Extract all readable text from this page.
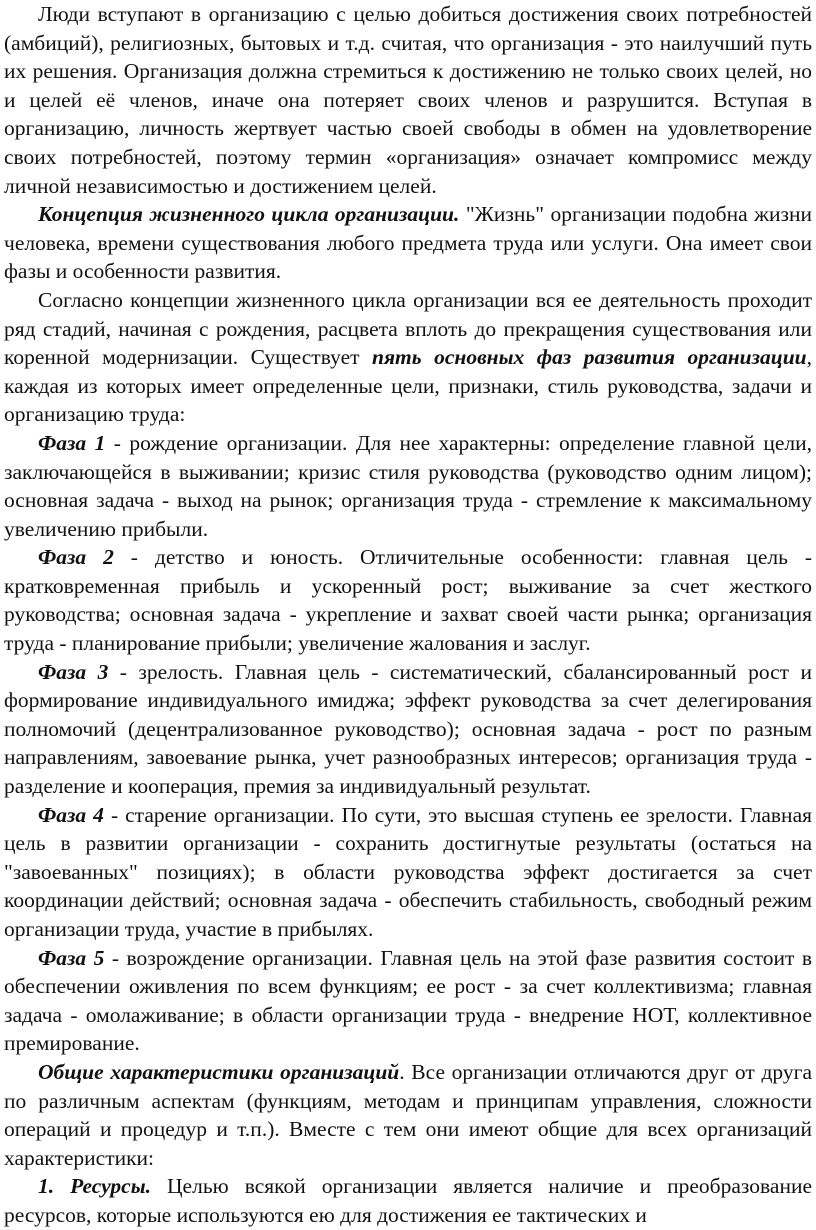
Люди вступают в организацию с целью добиться достижения своих потребностей (амбиций), религиозных, бытовых и т.д. считая, что организация - это наилучший путь их решения. Организация должна стремиться к достижению не только своих целей, но и целей её членов, иначе она потеряет своих членов и разрушится. Вступая в организацию, личность жертвует частью своей свободы в обмен на удовлетворение своих потребностей, поэтому термин «организация» означает компромисс между личной независимостью и достижением целей.

Концепция жизненного цикла организации. "Жизнь" организации подобна жизни человека, времени существования любого предмета труда или услуги. Она имеет свои фазы и особенности развития.

Согласно концепции жизненного цикла организации вся ее деятельность проходит ряд стадий, начиная с рождения, расцвета вплоть до прекращения существования или коренной модернизации. Существует пять основных фаз развития организации, каждая из которых имеет определенные цели, признаки, стиль руководства, задачи и организацию труда:

Фаза 1 - рождение организации. Для нее характерны: определение главной цели, заключающейся в выживании; кризис стиля руководства (руководство одним лицом); основная задача - выход на рынок; организация труда - стремление к максимальному увеличению прибыли.

Фаза 2 - детство и юность. Отличительные особенности: главная цель - кратковременная прибыль и ускоренный рост; выживание за счет жесткого руководства; основная задача - укрепление и захват своей части рынка; организация труда - планирование прибыли; увеличение жалования и заслуг.

Фаза 3 - зрелость. Главная цель - систематический, сбалансированный рост и формирование индивидуального имиджа; эффект руководства за счет делегирования полномочий (децентрализованное руководство); основная задача - рост по разным направлениям, завоевание рынка, учет разнообразных интересов; организация труда - разделение и кооперация, премия за индивидуальный результат.

Фаза 4 - старение организации. По сути, это высшая ступень ее зрелости. Главная цель в развитии организации - сохранить достигнутые результаты (остаться на "завоеванных" позициях); в области руководства эффект достигается за счет координации действий; основная задача - обеспечить стабильность, свободный режим организации труда, участие в прибылях.

Фаза 5 - возрождение организации. Главная цель на этой фазе развития состоит в обеспечении оживления по всем функциям; ее рост - за счет коллективизма; главная задача - омолаживание; в области организации труда - внедрение НОТ, коллективное премирование.

Общие характеристики организаций. Все организации отличаются друг от друга по различным аспектам (функциям, методам и принципам управления, сложности операций и процедур и т.п.). Вместе с тем они имеют общие для всех организаций характеристики:

1. Ресурсы. Целью всякой организации является наличие и преобразование ресурсов, которые используются ею для достижения ее тактических и
